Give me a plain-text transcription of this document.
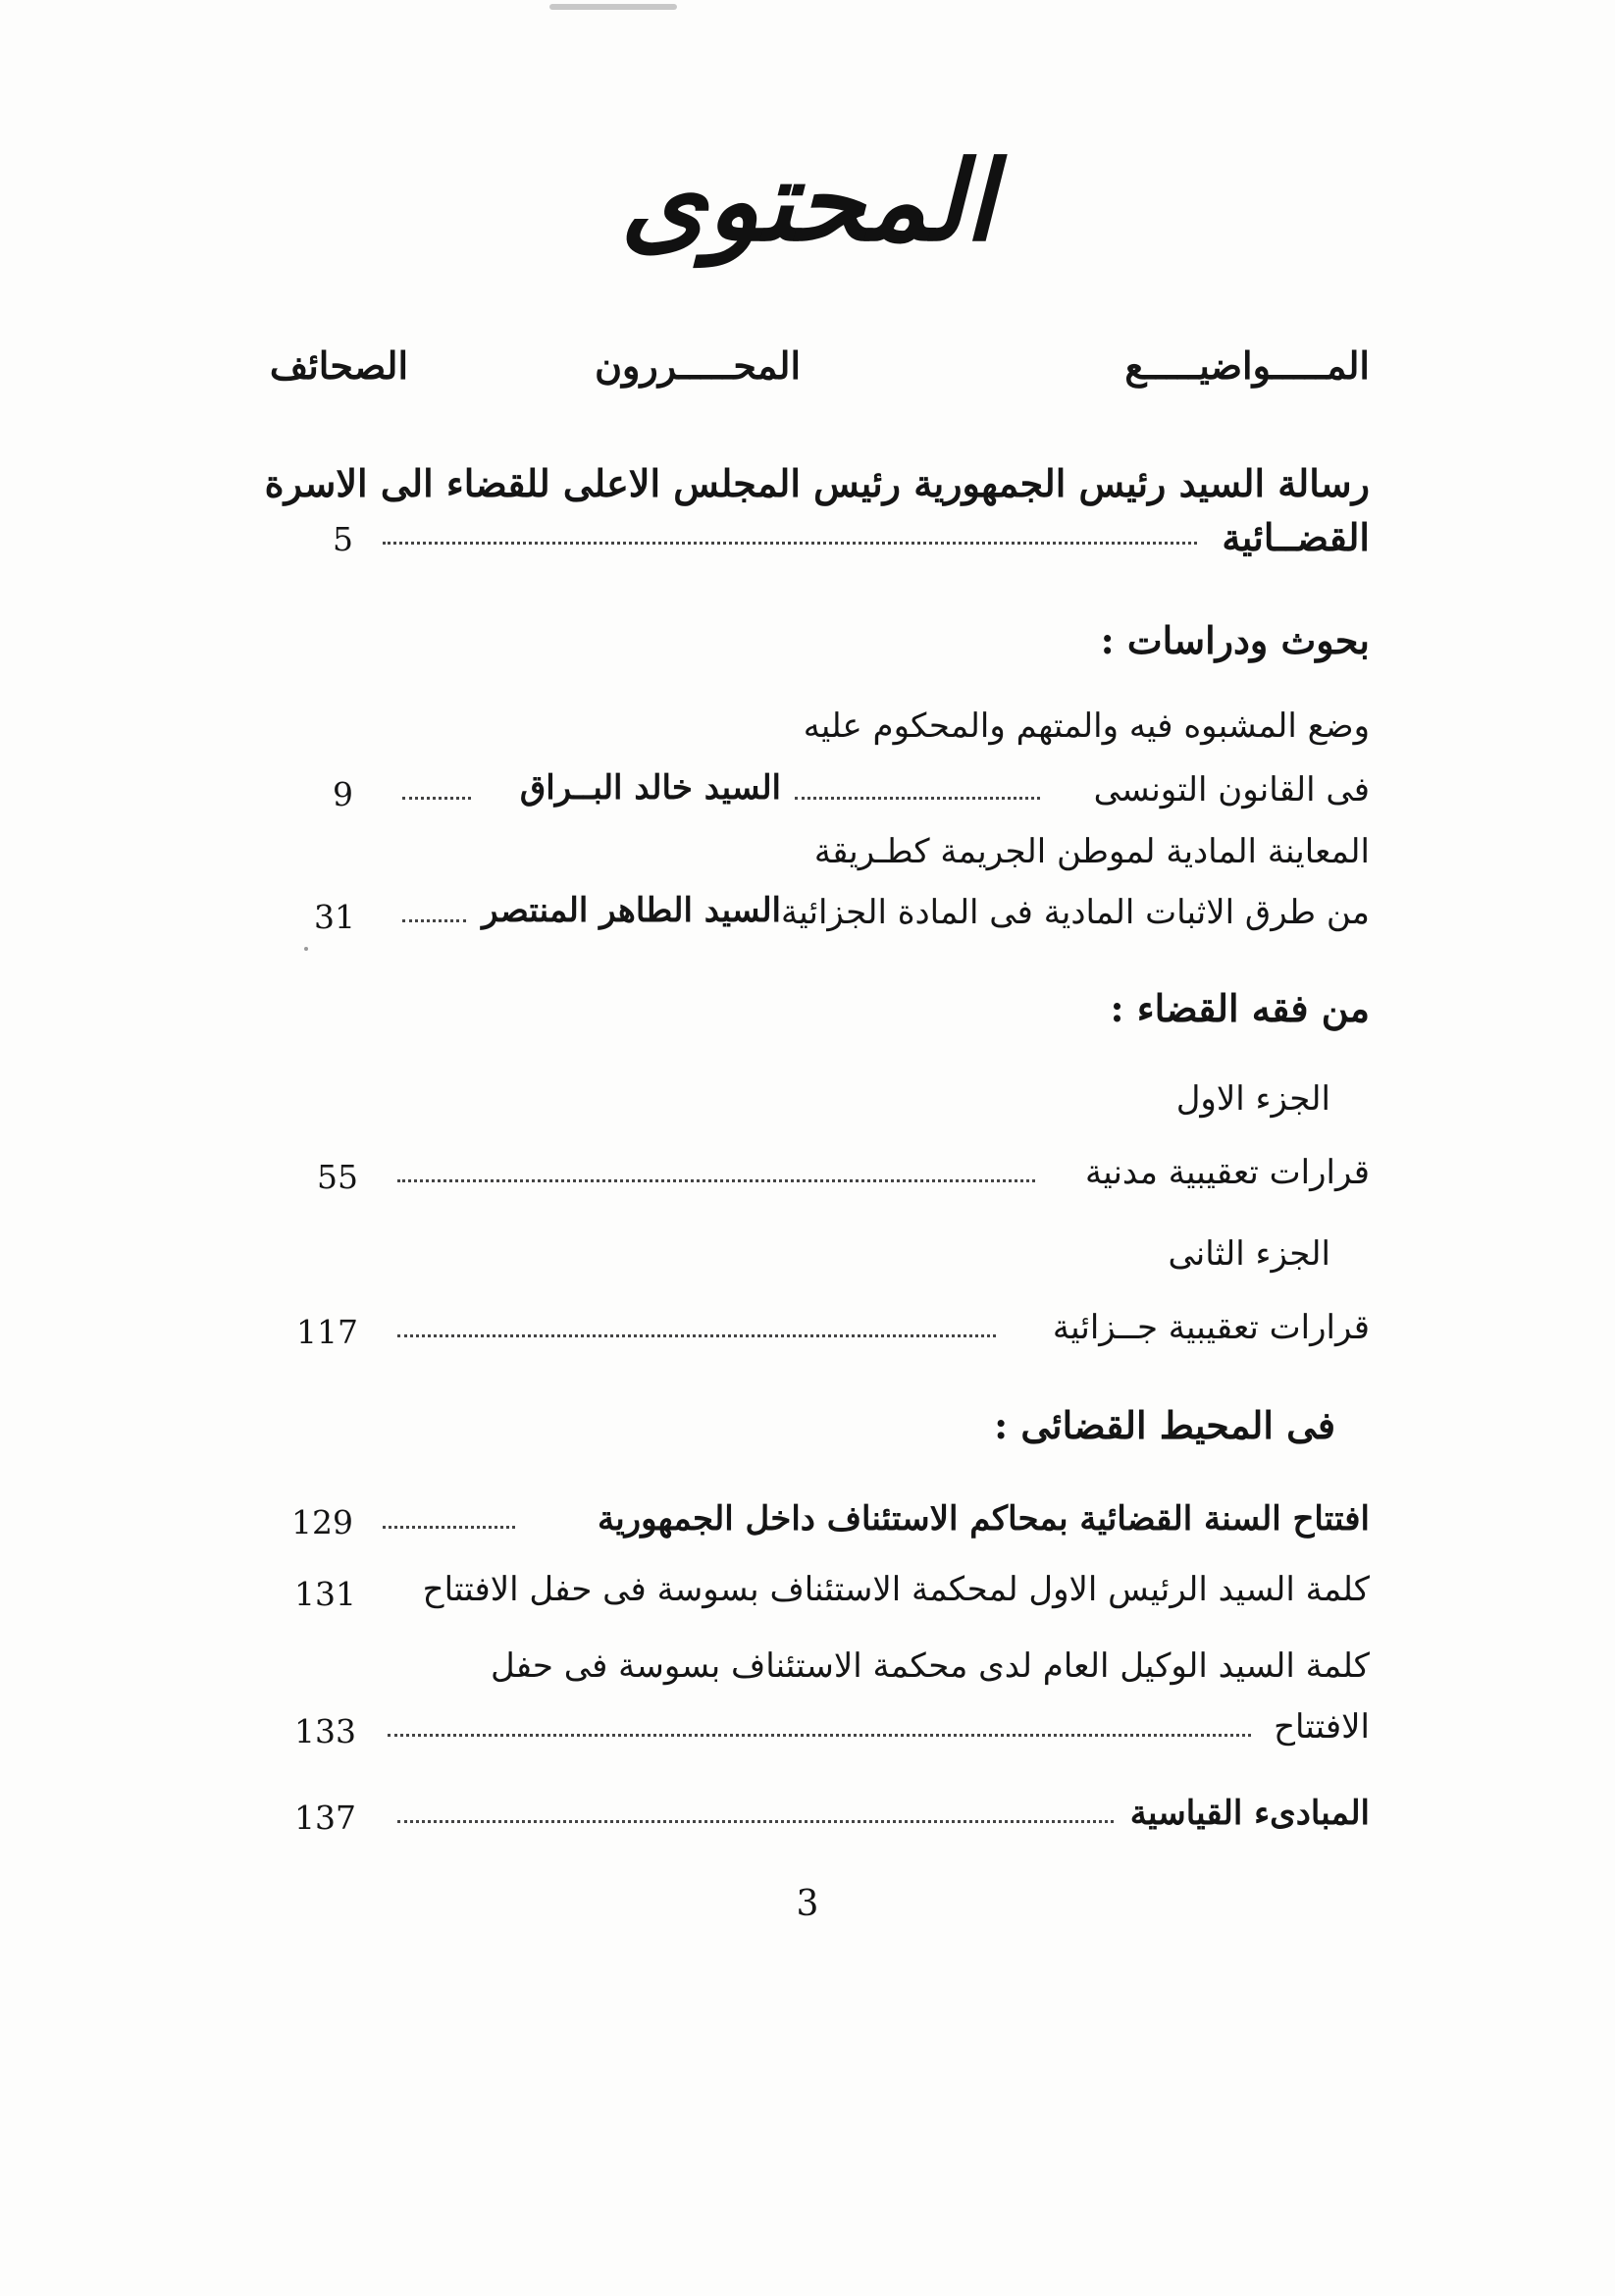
المحتوى
المـــــواضيـــــع
المحـــــررون
الصحائف
رسالة السيد رئيس الجمهورية رئيس المجلس الاعلى للقضاء الى الاسرة
القضــائية
5
بحوث ودراسات :
وضع المشبوه فيه والمتهم والمحكوم عليه
فى القانون التونسى
السيد خالد البــراق
9
المعاينة المادية لموطن الجريمة كطـريقة
من طرق الاثبات المادية فى المادة الجزائية
السيد الطاهر المنتصر
31
من فقه القضاء :
الجزء الاول
قرارات تعقيبية مدنية
55
الجزء الثانى
قرارات تعقيبية جــزائية
117
فى المحيط القضائى :
افتتاح السنة القضائية بمحاكم الاستئناف داخل الجمهورية
129
كلمة السيد الرئيس الاول لمحكمة الاستئناف بسوسة فى حفل الافتتاح
131
كلمة السيد الوكيل العام لدى محكمة الاستئناف بسوسة فى حفل
الافتتاح
133
المبادىء القياسية
137
3
